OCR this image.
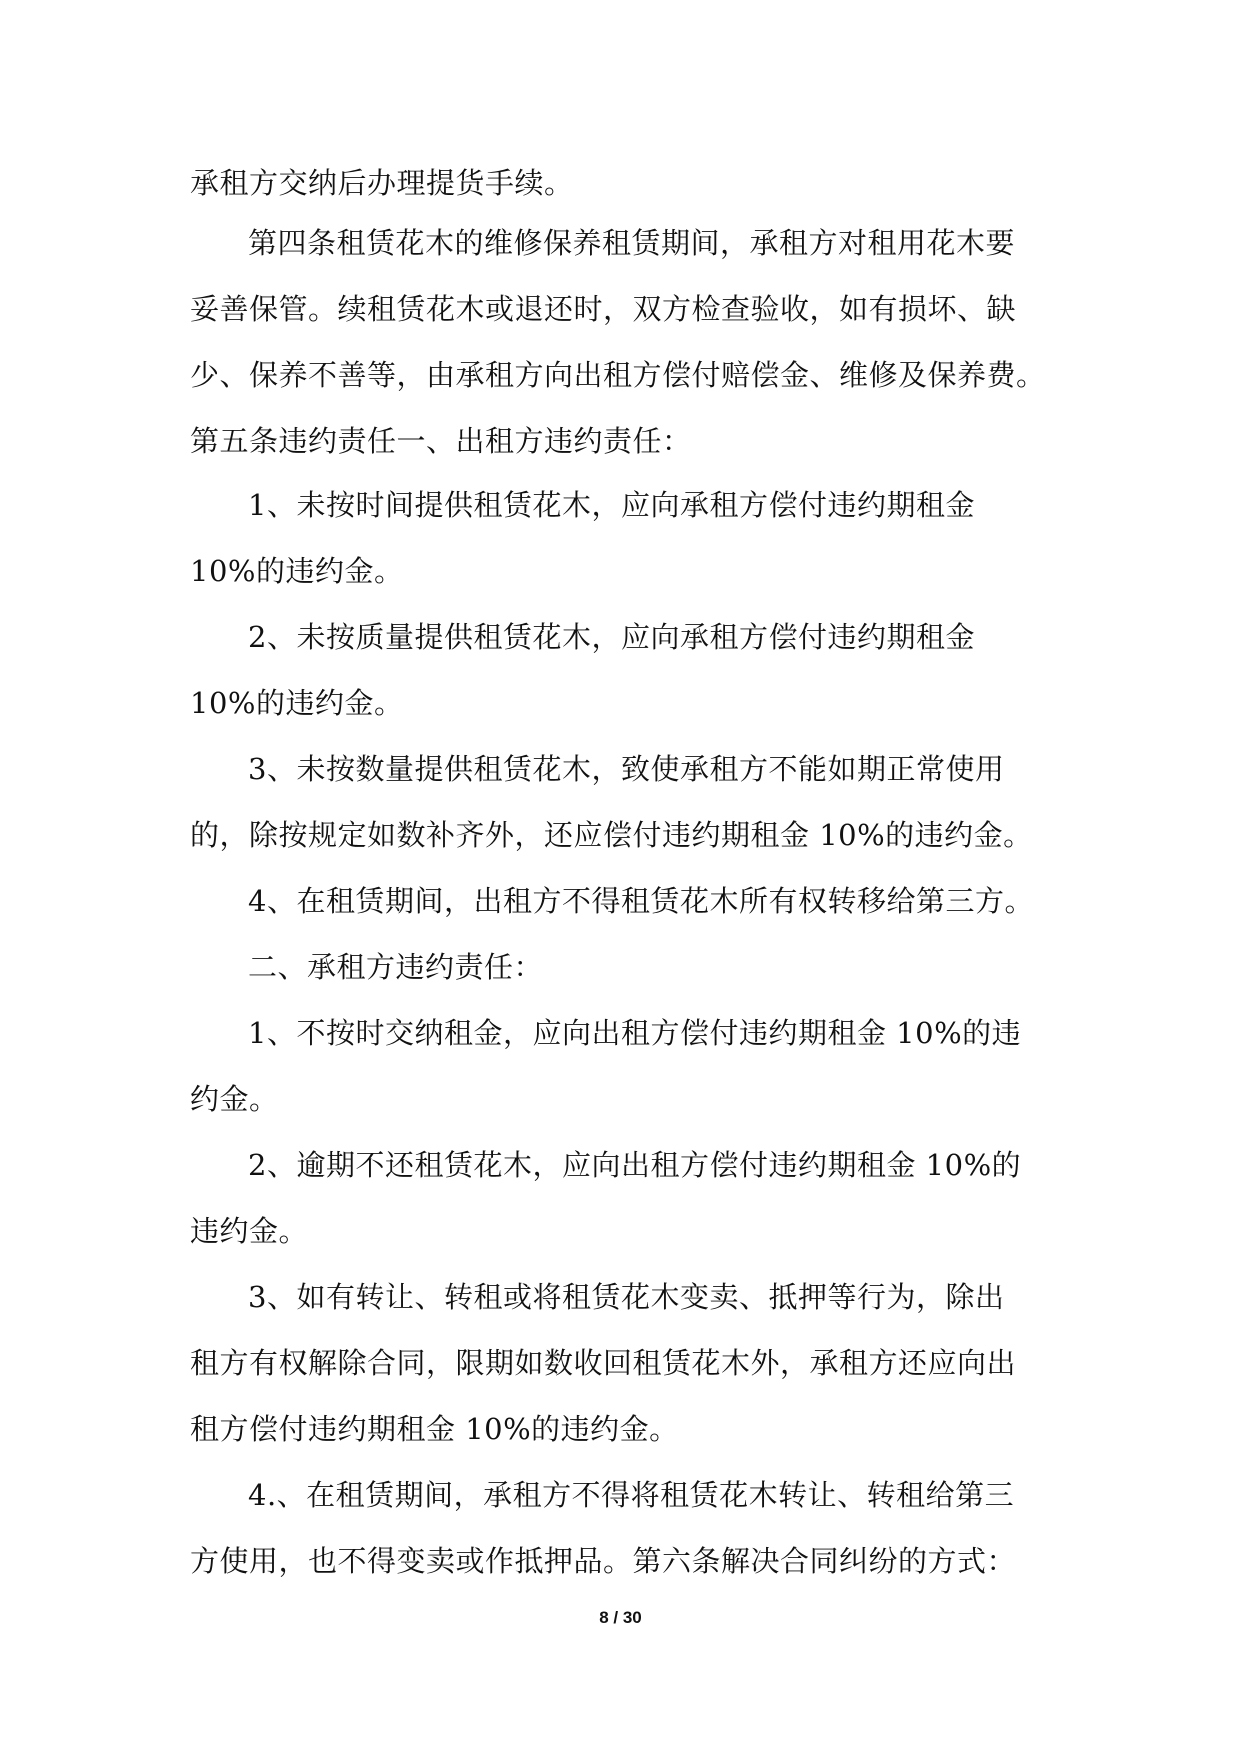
承租方交纳后办理提货手续。
第四条租赁花木的维修保养租赁期间，承租方对租用花木要
妥善保管。续租赁花木或退还时，双方检查验收，如有损坏、缺
少、保养不善等，由承租方向出租方偿付赔偿金、维修及保养费。
第五条违约责任一、出租方违约责任：
1、未按时间提供租赁花木，应向承租方偿付违约期租金
10%的违约金。
2、未按质量提供租赁花木，应向承租方偿付违约期租金
10%的违约金。
3、未按数量提供租赁花木，致使承租方不能如期正常使用
的，除按规定如数补齐外，还应偿付违约期租金 10%的违约金。
4、在租赁期间，出租方不得租赁花木所有权转移给第三方。
二、承租方违约责任：
1、不按时交纳租金，应向出租方偿付违约期租金 10%的违
约金。
2、逾期不还租赁花木，应向出租方偿付违约期租金 10%的
违约金。
3、如有转让、转租或将租赁花木变卖、抵押等行为，除出
租方有权解除合同，限期如数收回租赁花木外，承租方还应向出
租方偿付违约期租金 10%的违约金。
4.、在租赁期间，承租方不得将租赁花木转让、转租给第三
方使用，也不得变卖或作抵押品。第六条解决合同纠纷的方式：
8 / 30
